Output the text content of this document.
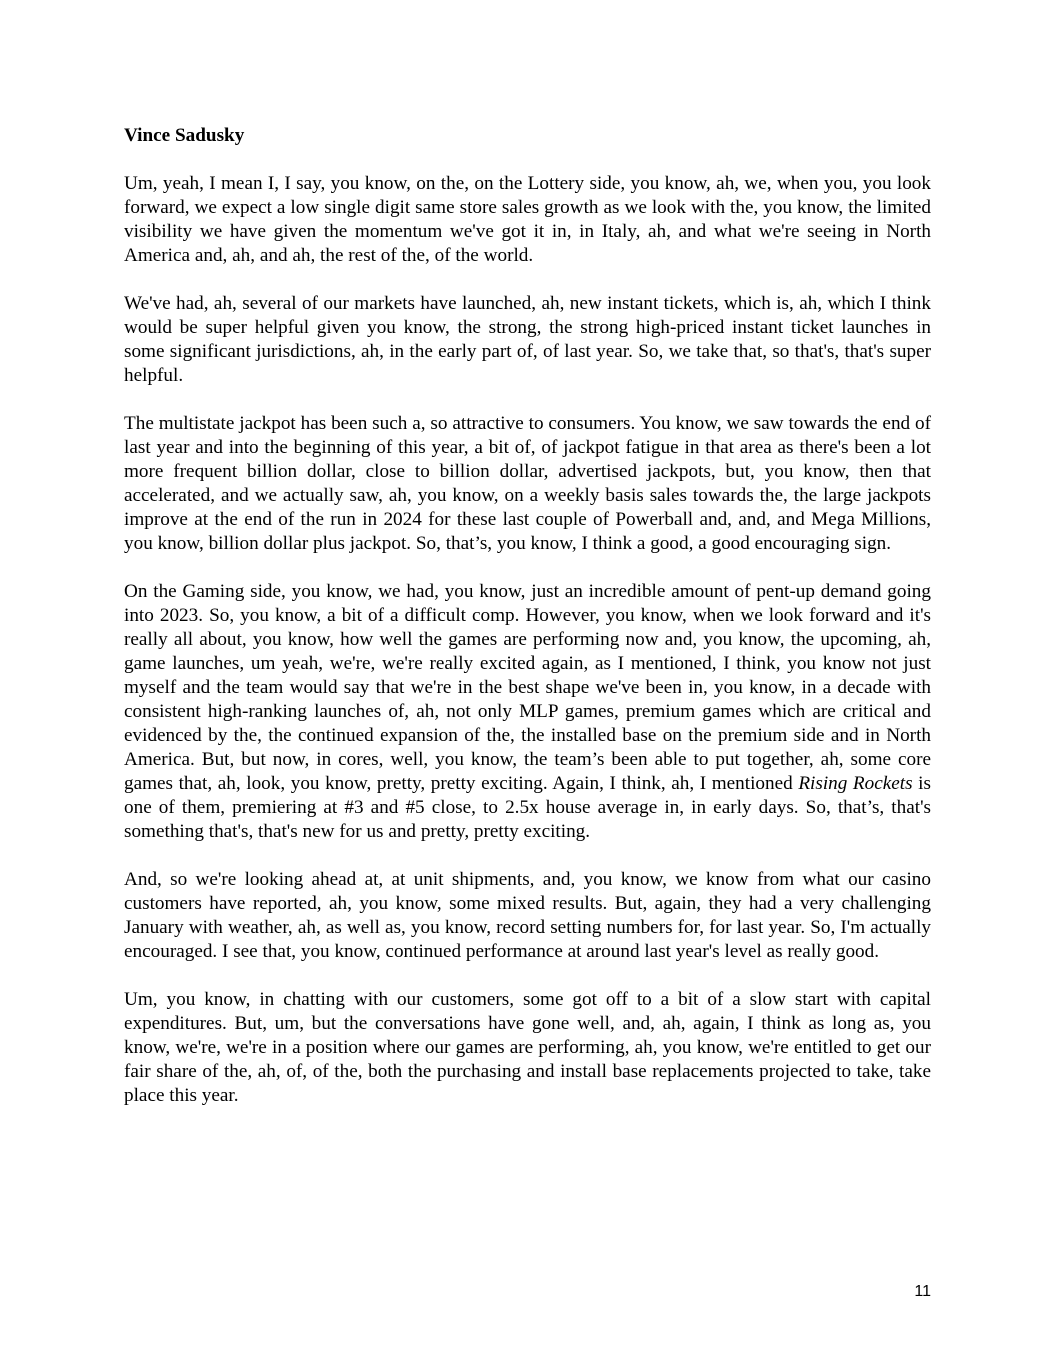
Vince Sadusky

Um, yeah, I mean I, I say, you know, on the, on the Lottery side, you know, ah, we, when you, you look forward, we expect a low single digit same store sales growth as we look with the, you know, the limited visibility we have given the momentum we've got it in, in Italy, ah, and what we're seeing in North America and, ah, and ah, the rest of the, of the world.

We've had, ah, several of our markets have launched, ah, new instant tickets, which is, ah, which I think would be super helpful given you know, the strong, the strong high-priced instant ticket launches in some significant jurisdictions, ah, in the early part of, of last year. So, we take that, so that's, that's super helpful.

The multistate jackpot has been such a, so attractive to consumers. You know, we saw towards the end of last year and into the beginning of this year, a bit of, of jackpot fatigue in that area as there's been a lot more frequent billion dollar, close to billion dollar, advertised jackpots, but, you know, then that accelerated, and we actually saw, ah, you know, on a weekly basis sales towards the, the large jackpots improve at the end of the run in 2024 for these last couple of Powerball and, and, and Mega Millions, you know, billion dollar plus jackpot. So, that’s, you know, I think a good, a good encouraging sign.

On the Gaming side, you know, we had, you know, just an incredible amount of pent-up demand going into 2023. So, you know, a bit of a difficult comp. However, you know, when we look forward and it's really all about, you know, how well the games are performing now and, you know, the upcoming, ah, game launches, um yeah, we're, we're really excited again, as I mentioned, I think, you know not just myself and the team would say that we're in the best shape we've been in, you know, in a decade with consistent high-ranking launches of, ah, not only MLP games, premium games which are critical and evidenced by the, the continued expansion of the, the installed base on the premium side and in North America. But, but now, in cores, well, you know, the team’s been able to put together, ah, some core games that, ah, look, you know, pretty, pretty exciting. Again, I think, ah, I mentioned Rising Rockets is one of them, premiering at #3 and #5 close, to 2.5x house average in, in early days. So, that’s, that's something that's, that's new for us and pretty, pretty exciting.

And, so we're looking ahead at, at unit shipments, and, you know, we know from what our casino customers have reported, ah, you know, some mixed results. But, again, they had a very challenging January with weather, ah, as well as, you know, record setting numbers for, for last year. So, I'm actually encouraged. I see that, you know, continued performance at around last year's level as really good.

Um, you know, in chatting with our customers, some got off to a bit of a slow start with capital expenditures. But, um, but the conversations have gone well, and, ah, again, I think as long as, you know, we're, we're in a position where our games are performing, ah, you know, we're entitled to get our fair share of the, ah, of, of the, both the purchasing and install base replacements projected to take, take place this year.

11
